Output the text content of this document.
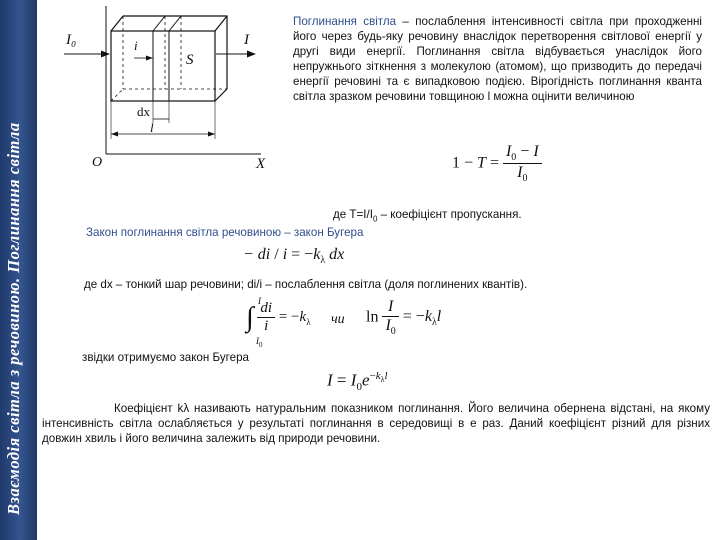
Взаємодія світла з речовиною. Поглинання світла
I₀	I
i
S
dx
l
O	X
Поглинання світла – послаблення інтенсивності світла при проходженні його через будь-яку речовину внаслідок перетворення світлової енергії у другі види енергії. Поглинання світла відбувається унаслідок його непружнього зіткнення з молекулою (атомом), що призводить до передачі енергії речовині та є випадковою подією. Вірогідність поглинання кванта світла зразком речовини товщиною l можна оцінити величиною
$1 - T = \frac{I_0 - I}{I_0}$
де $T=I/I_0$ – коефіцієнт пропускання.
Закон поглинання світла речовиною – закон Бугера
− di / $i = -k_\lambda$ dx
де dx – тонкий шар речовини; di/i – послаблення світла (доля поглинених квантів).
∫
I
$I_0$
$\frac{di}{i} = -k_\lambda$ чи $\ln \frac{I}{I_0} = -k_\lambda l$
звідки отримуємо закон Бугера
$I = I_0e^{-k_\lambda l}$
Коефіцієнт kλ називають натуральним показником поглинання. Його величина обернена відстані, на якому інтенсивність світла ослабляється у результаті поглинання в середовищі в е раз. Даний коефіцієнт різний для різних довжин хвиль і його величина залежить від природи речовини.
